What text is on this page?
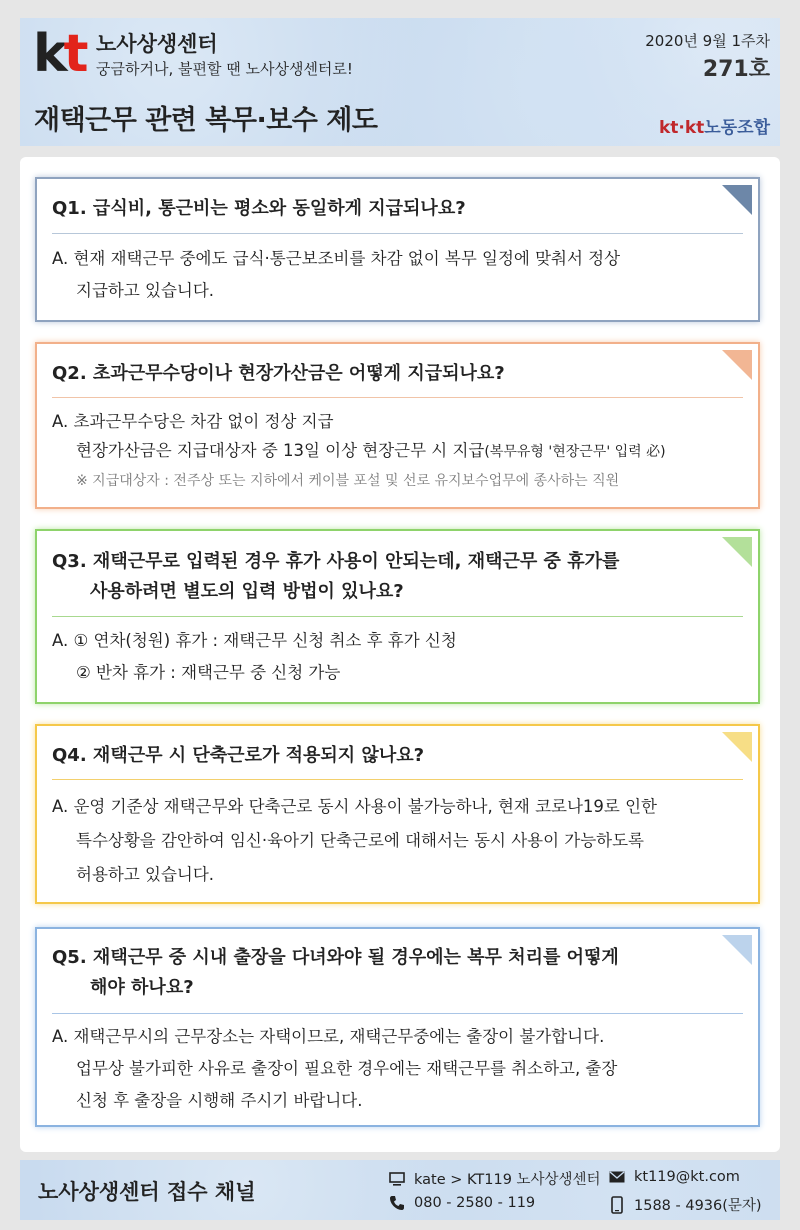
kt 노사상생센터
궁금하거나, 불편할 땐 노사상생센터로!
재택근무 관련 복무·보수 제도
2020년 9월 1주차
271호
kt·kt노동조합
Q1. 급식비, 통근비는 평소와 동일하게 지급되나요?
A. 현재 재택근무 중에도 급식·통근보조비를 차감 없이 복무 일정에 맞춰서 정상
지급하고 있습니다.
Q2. 초과근무수당이나 현장가산금은 어떻게 지급되나요?
A. 초과근무수당은 차감 없이 정상 지급
현장가산금은 지급대상자 중 13일 이상 현장근무 시 지급(복무유형 '현장근무' 입력 必)
※ 지급대상자 : 전주상 또는 지하에서 케이블 포설 및 선로 유지보수업무에 종사하는 직원
Q3. 재택근무로 입력된 경우 휴가 사용이 안되는데, 재택근무 중 휴가를
사용하려면 별도의 입력 방법이 있나요?
A. ① 연차(청원) 휴가 : 재택근무 신청 취소 후 휴가 신청
② 반차 휴가 : 재택근무 중 신청 가능
Q4. 재택근무 시 단축근로가 적용되지 않나요?
A. 운영 기준상 재택근무와 단축근로 동시 사용이 불가능하나, 현재 코로나19로 인한
특수상황을 감안하여 임신·육아기 단축근로에 대해서는 동시 사용이 가능하도록
허용하고 있습니다.
Q5. 재택근무 중 시내 출장을 다녀와야 될 경우에는 복무 처리를 어떻게
해야 하나요?
A. 재택근무시의 근무장소는 자택이므로, 재택근무중에는 출장이 불가합니다.
업무상 불가피한 사유로 출장이 필요한 경우에는 재택근무를 취소하고, 출장
신청 후 출장을 시행해 주시기 바랍니다.
노사상생센터 접수 채널	kate > KT119 노사상생센터
080 - 2580 - 119
kt119@kt.com
1588 - 4936(문자)
